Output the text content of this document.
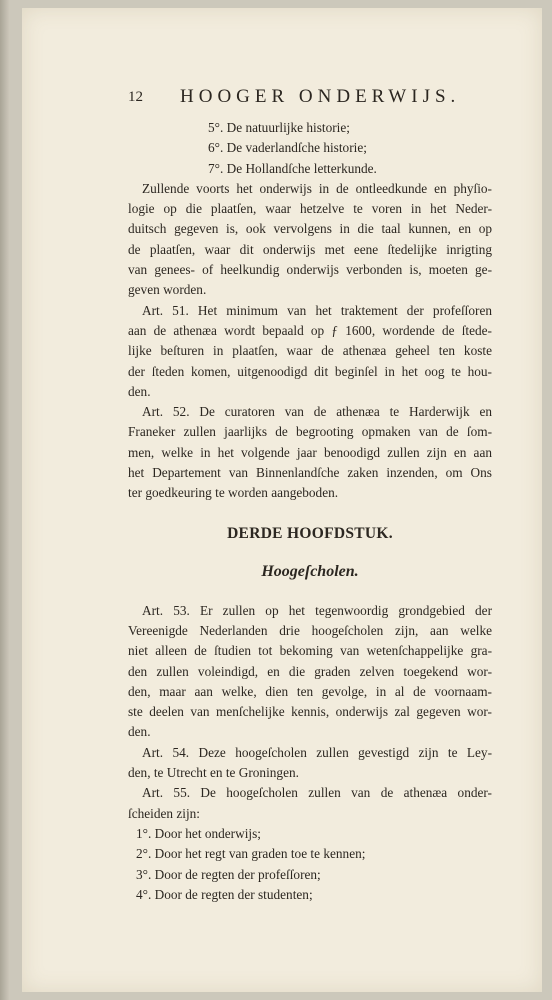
12 HOOGER ONDERWIJS.
5°. De natuurlijke historie;
6°. De vaderlandſche historie;
7°. De Hollandſche letterkunde.
Zullende voorts het onderwijs in de ontleedkunde en phyſio-
logie op die plaatſen, waar hetzelve te voren in het Neder-
duitsch gegeven is, ook vervolgens in die taal kunnen, en op
de plaatſen, waar dit onderwijs met eene ſtedelijke inrigting
van genees- of heelkundig onderwijs verbonden is, moeten ge-
geven worden.
Art. 51. Het minimum van het traktement der profeſſoren
aan de athenæa wordt bepaald op ƒ 1600, wordende de ſtede-
lijke beſturen in plaatſen, waar de athenæa geheel ten koste
der ſteden komen, uitgenoodigd dit beginſel in het oog te hou-
den.
Art. 52. De curatoren van de athenæa te Harderwijk en
Franeker zullen jaarlijks de begrooting opmaken van de ſom-
men, welke in het volgende jaar benoodigd zullen zijn en aan
het Departement van Binnenlandſche zaken inzenden, om Ons
ter goedkeuring te worden aangeboden.
DERDE HOOFDSTUK.
Hoogeſcholen.
Art. 53. Er zullen op het tegenwoordig grondgebied der
Vereenigde Nederlanden drie hoogeſcholen zijn, aan welke
niet alleen de ſtudien tot bekoming van wetenſchappelijke gra-
den zullen voleindigd, en die graden zelven toegekend wor-
den, maar aan welke, dien ten gevolge, in al de voornaam-
ste deelen van menſchelijke kennis, onderwijs zal gegeven wor-
den.
Art. 54. Deze hoogeſcholen zullen gevestigd zijn te Ley-
den, te Utrecht en te Groningen.
Art. 55. De hoogeſcholen zullen van de athenæa onder-
ſcheiden zijn:
1°. Door het onderwijs;
2°. Door het regt van graden toe te kennen;
3°. Door de regten der profeſſoren;
4°. Door de regten der studenten;
